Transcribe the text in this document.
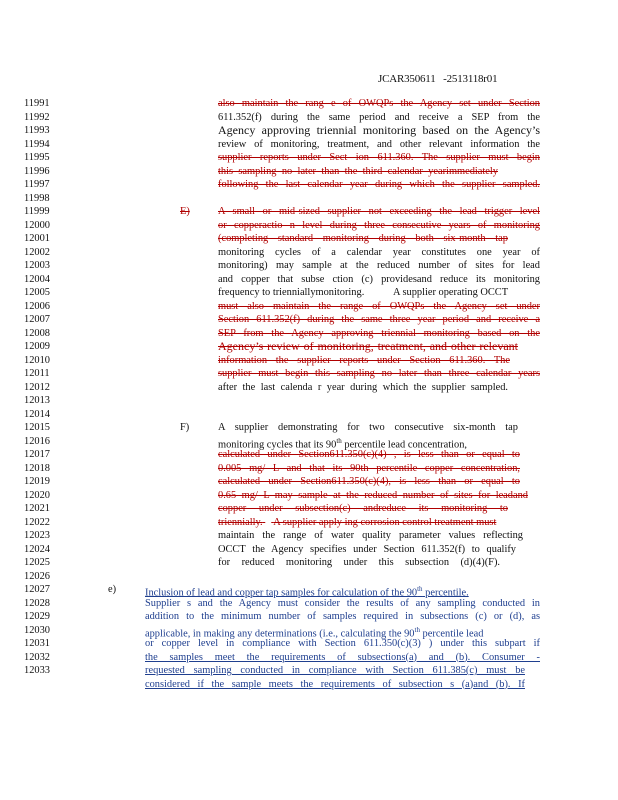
JCAR350611 -2513118r01
11991
11992
11993
11994
11995
11996
11997
11998
11999
12000
12001
12002
12003
12004
12005
12006
12007
12008
12009
12010
12011
12012
12013
12014
12015
12016
12017
12018
12019
12020
12021
12022
12023
12024
12025
12026
12027
12028
12029
12030
12031
12032
12033
also maintain the rang e of OWQPs the Agency set under Section
611.352(f) during the same period and receive a SEP from the
Agency approving triennial monitoring based on the Agency’s
review of monitoring, treatment, and other relevant information the
supplier reports under Sect ion 611.360. The supplier must begin
this sampling no later than the third calendar yearimmediately
following the last calendar year during which the supplier sampled.
E)	A small or mid-sized supplier not exceeding the lead trigger level
or copperactio n level during three consecutive years of monitoring
(completing standard monitoring during both six-month tap
monitoring cycles of a calendar year constitutes one year of
monitoring) may sample at the reduced number of sites for lead
and copper that subse ction (c) providesand reduce its monitoring
frequency to trienniallymonitoring.	A supplier operating OCCT
must also maintain the range of OWQPs the Agency set under
Section 611.352(f) during the same three year period and receive a
SEP from the Agency approving triennial monitoring based on the
Agency’s review of monitoring, treatment, and other relevant
information the supplier reports under Section 611.360. The
supplier must begin this sampling no later than three calendar years
after the last calenda r year during which the supplier sampled.
F)	A supplier demonstrating for two consecutive six-month tap
monitoring cycles that its 90th percentile lead concentration,
calculated under Section611.350(c)(4) , is less than or equal to
0.005 mg/ L and that its 90th percentile copper concentration,
calculated under Section611.350(c)(4), is less than or equal to
0.65 mg/ L may sample at the reduced number of sites for leadand
copper under subsection(c) andreduce its monitoring to
triennially. A supplier apply ing corrosion control treatment must
maintain the range of water quality parameter values reflecting
OCCT the Agency specifies under Section 611.352(f) to qualify
for reduced monitoring under this subsection (d)(4)(F).
e)	Inclusion of lead and copper tap samples for calculation of the 90th percentile.
Supplier s and the Agency must consider the results of any sampling conducted in
addition to the minimum number of samples required in subsections (c) or (d), as
applicable, in making any determinations (i.e., calculating the 90th percentile lead
or copper level in compliance with Section 611.350(c)(3) ) under this subpart if
the samples meet the requirements of subsections(a) and (b). Consumer -
requested sampling conducted in compliance with Section 611.385(c) must be
considered if the sample meets the requirements of subsection s (a)and (b). If
